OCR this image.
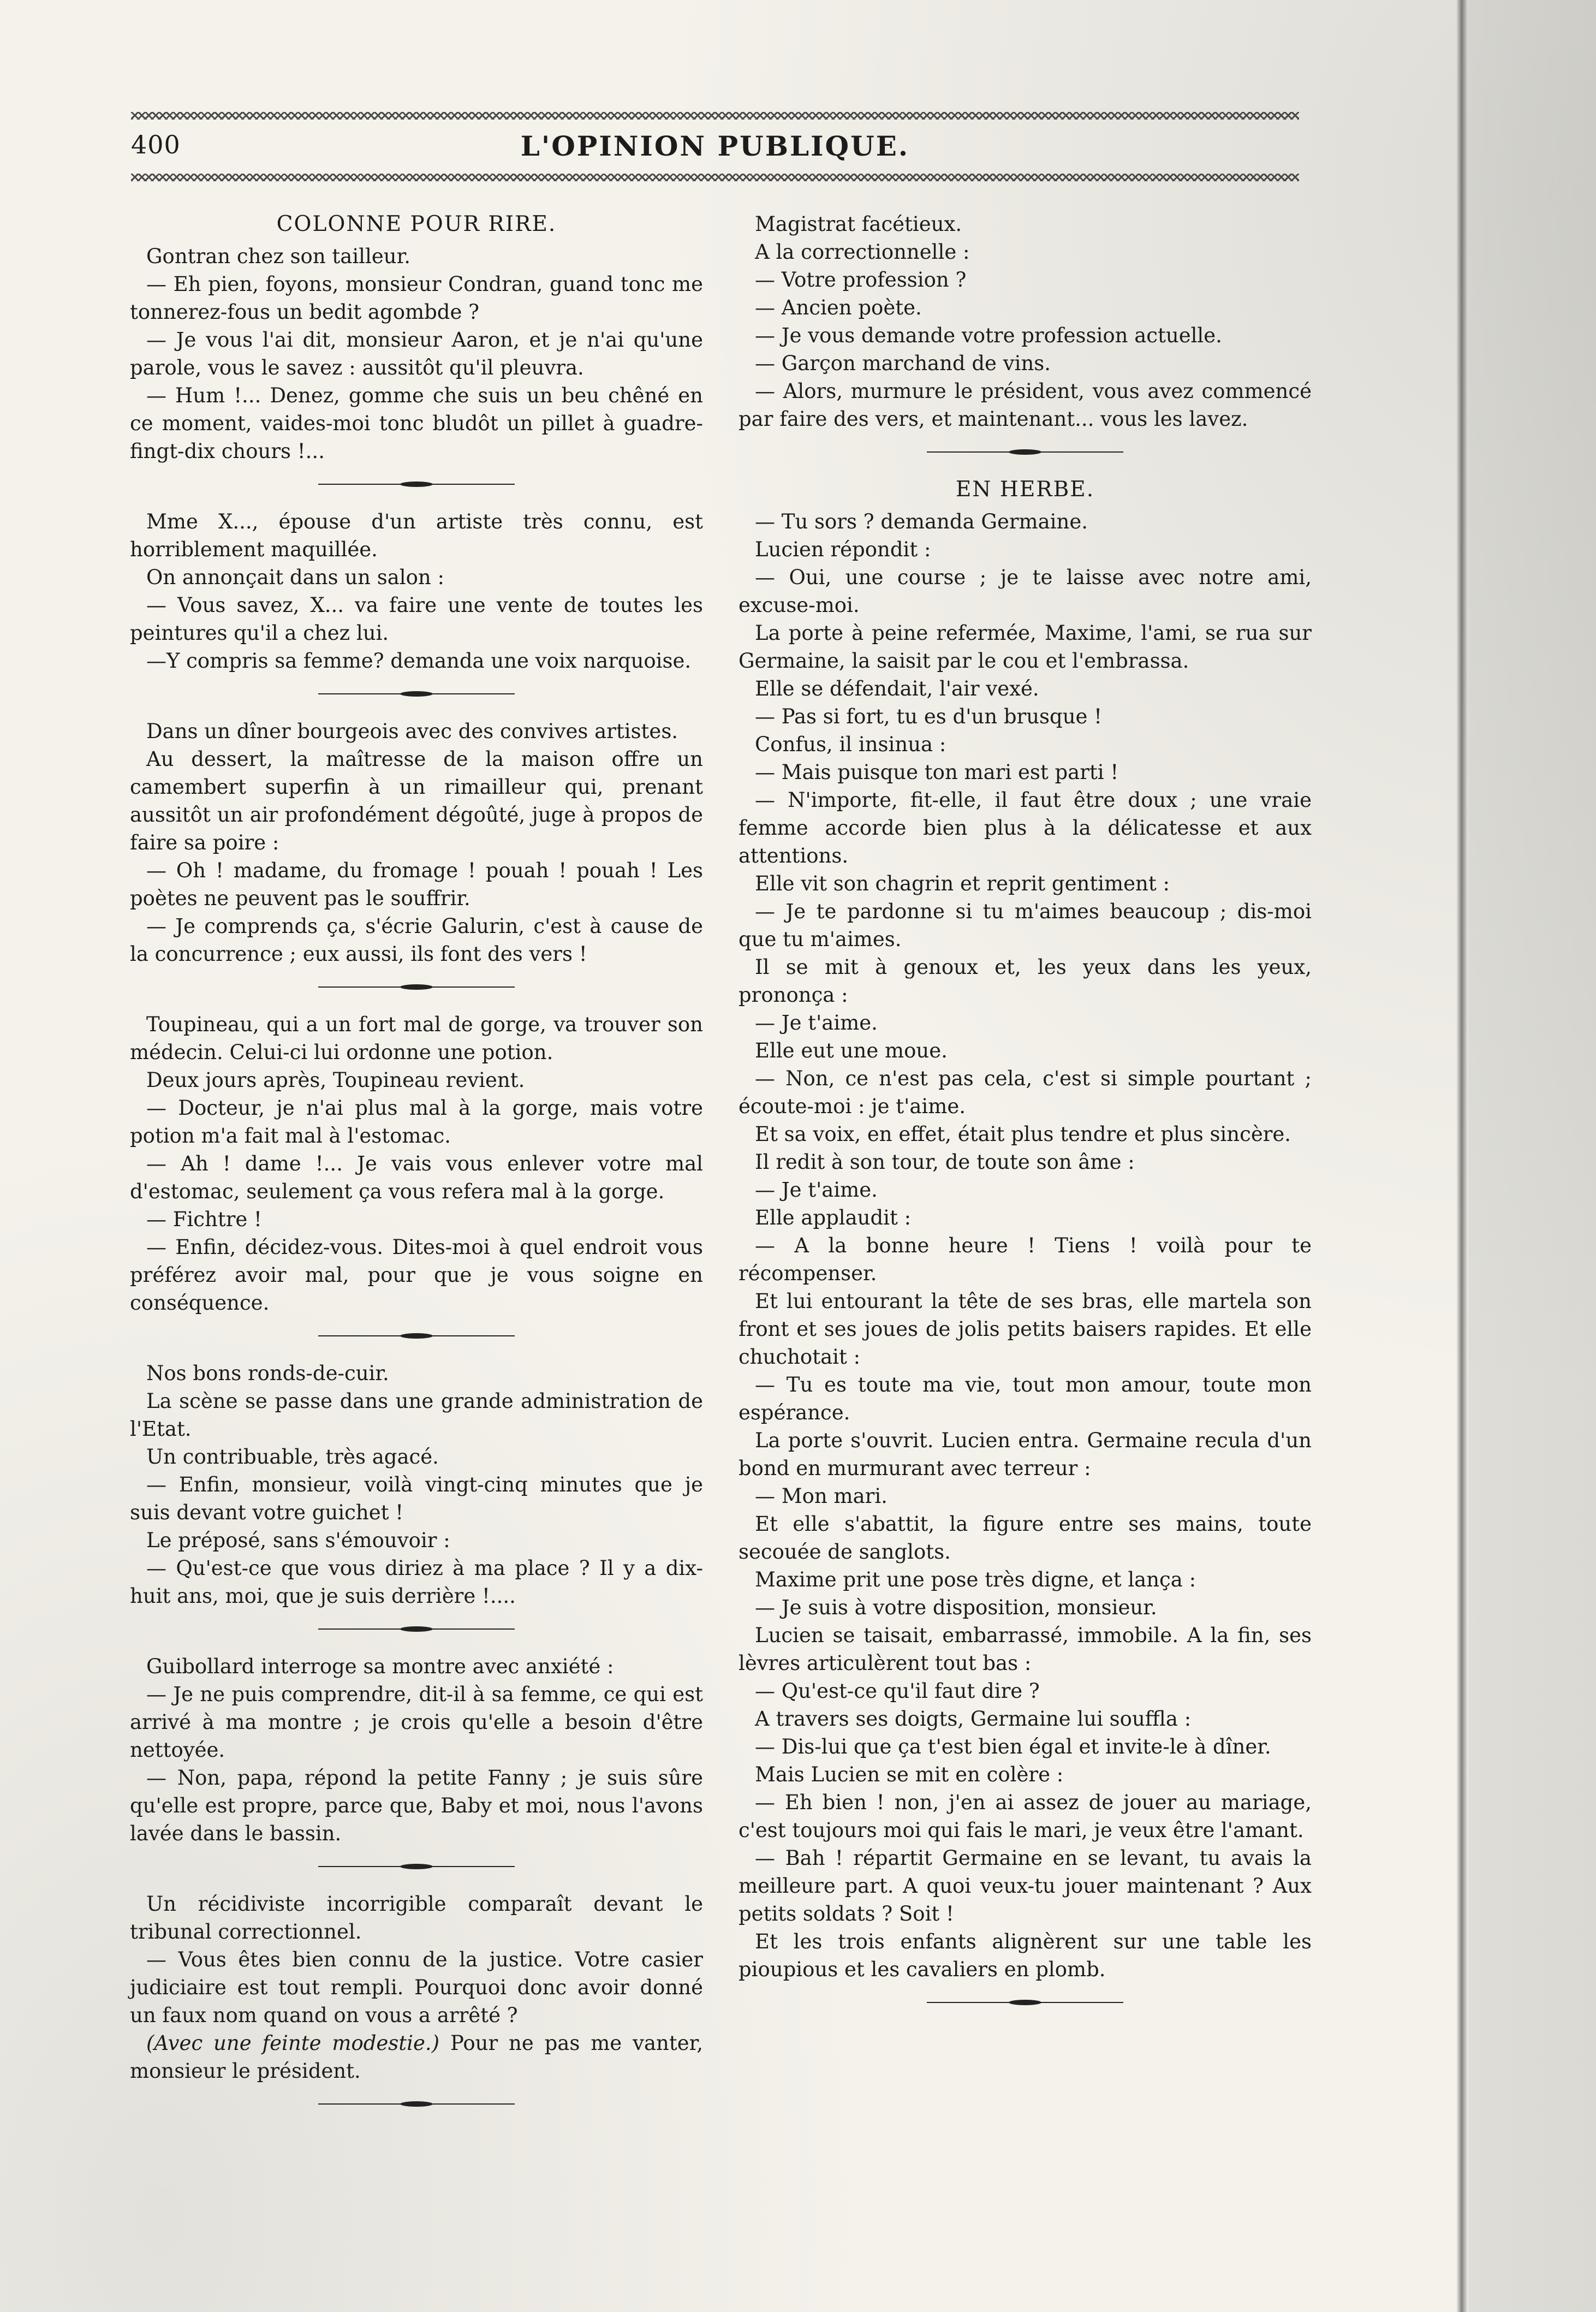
400	L'OPINION PUBLIQUE.
COLONNE POUR RIRE.

Gontran chez son tailleur.

— Eh pien, foyons, monsieur Condran, guand tonc me tonnerez-fous un bedit agombde ?

— Je vous l'ai dit, monsieur Aaron, et je n'ai qu'une parole, vous le savez : aussitôt qu'il pleuvra.

— Hum !... Denez, gomme che suis un beu chêné en ce moment, vaides-moi tonc bludôt un pillet à guadre-fingt-dix chours !...

Mme X..., épouse d'un artiste très connu, est horriblement maquillée.

On annonçait dans un salon :

— Vous savez, X... va faire une vente de toutes les peintures qu'il a chez lui.

—Y compris sa femme? demanda une voix narquoise.

Dans un dîner bourgeois avec des convives artistes.

Au dessert, la maîtresse de la maison offre un camembert superfin à un rimailleur qui, prenant aussitôt un air profondément dégoûté, juge à propos de faire sa poire :

— Oh ! madame, du fromage ! pouah ! pouah ! Les poètes ne peuvent pas le souffrir.

— Je comprends ça, s'écrie Galurin, c'est à cause de la concurrence ; eux aussi, ils font des vers !

Toupineau, qui a un fort mal de gorge, va trouver son médecin. Celui-ci lui ordonne une potion.

Deux jours après, Toupineau revient.

— Docteur, je n'ai plus mal à la gorge, mais votre potion m'a fait mal à l'estomac.

— Ah ! dame !... Je vais vous enlever votre mal d'estomac, seulement ça vous refera mal à la gorge.

— Fichtre !

— Enfin, décidez-vous. Dites-moi à quel endroit vous préférez avoir mal, pour que je vous soigne en conséquence.

Nos bons ronds-de-cuir.

La scène se passe dans une grande administration de l'Etat.

Un contribuable, très agacé.

— Enfin, monsieur, voilà vingt-cinq minutes que je suis devant votre guichet !

Le préposé, sans s'émouvoir :

— Qu'est-ce que vous diriez à ma place ? Il y a dix-huit ans, moi, que je suis derrière !....

Guibollard interroge sa montre avec anxiété :

— Je ne puis comprendre, dit-il à sa femme, ce qui est arrivé à ma montre ; je crois qu'elle a besoin d'être nettoyée.

— Non, papa, répond la petite Fanny ; je suis sûre qu'elle est propre, parce que, Baby et moi, nous l'avons lavée dans le bassin.

Un récidiviste incorrigible comparaît devant le tribunal correctionnel.

— Vous êtes bien connu de la justice. Votre casier judiciaire est tout rempli. Pourquoi donc avoir donné un faux nom quand on vous a arrêté ?

(Avec une feinte modestie.) Pour ne pas me vanter, monsieur le président.

Magistrat facétieux.

A la correctionnelle :

— Votre profession ?

— Ancien poète.

— Je vous demande votre profession actuelle.

— Garçon marchand de vins.

— Alors, murmure le président, vous avez commencé par faire des vers, et maintenant... vous les lavez.

EN HERBE.

— Tu sors ? demanda Germaine.

Lucien répondit :

— Oui, une course ; je te laisse avec notre ami, excuse-moi.

La porte à peine refermée, Maxime, l'ami, se rua sur Germaine, la saisit par le cou et l'embrassa.

Elle se défendait, l'air vexé.

— Pas si fort, tu es d'un brusque !

Confus, il insinua :

— Mais puisque ton mari est parti !

— N'importe, fit-elle, il faut être doux ; une vraie femme accorde bien plus à la délicatesse et aux attentions.

Elle vit son chagrin et reprit gentiment :

— Je te pardonne si tu m'aimes beaucoup ; dis-moi que tu m'aimes.

Il se mit à genoux et, les yeux dans les yeux, prononça :

— Je t'aime.

Elle eut une moue.

— Non, ce n'est pas cela, c'est si simple pourtant ; écoute-moi : je t'aime.

Et sa voix, en effet, était plus tendre et plus sincère.

Il redit à son tour, de toute son âme :

— Je t'aime.

Elle applaudit :

— A la bonne heure ! Tiens ! voilà pour te récompenser.

Et lui entourant la tête de ses bras, elle martela son front et ses joues de jolis petits baisers rapides. Et elle chuchotait :

— Tu es toute ma vie, tout mon amour, toute mon espérance.

La porte s'ouvrit. Lucien entra. Germaine recula d'un bond en murmurant avec terreur :

— Mon mari.

Et elle s'abattit, la figure entre ses mains, toute secouée de sanglots.

Maxime prit une pose très digne, et lança :

— Je suis à votre disposition, monsieur.

Lucien se taisait, embarrassé, immobile. A la fin, ses lèvres articulèrent tout bas :

— Qu'est-ce qu'il faut dire ?

A travers ses doigts, Germaine lui souffla :

— Dis-lui que ça t'est bien égal et invite-le à dîner.

Mais Lucien se mit en colère :

— Eh bien ! non, j'en ai assez de jouer au mariage, c'est toujours moi qui fais le mari, je veux être l'amant.

— Bah ! répartit Germaine en se levant, tu avais la meilleure part. A quoi veux-tu jouer maintenant ? Aux petits soldats ? Soit !

Et les trois enfants alignèrent sur une table les pioupious et les cavaliers en plomb.
